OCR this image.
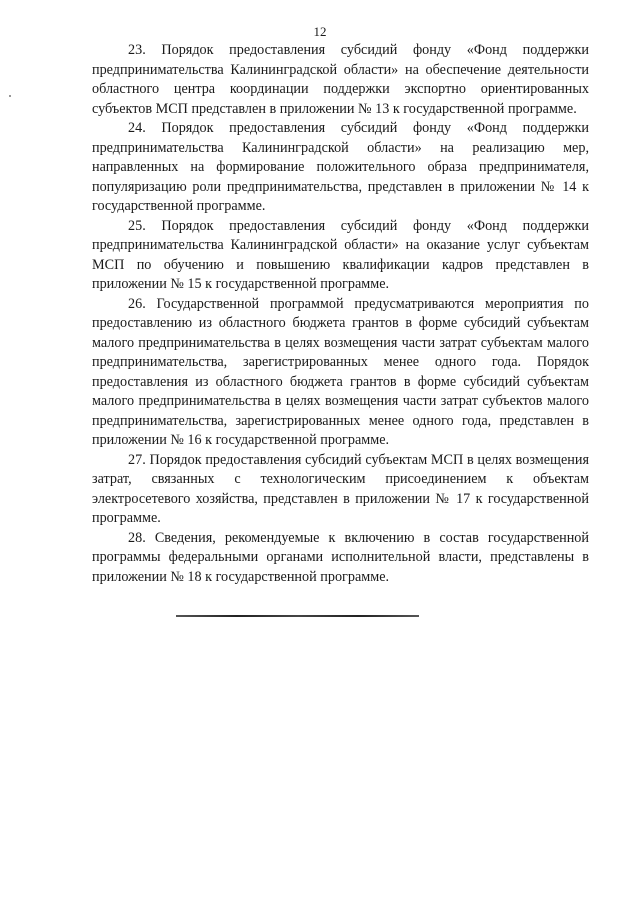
12

23. Порядок предоставления субсидий фонду «Фонд поддержки предпринимательства Калининградской области» на обеспечение деятельности областного центра координации поддержки экспортно ориентированных субъектов МСП представлен в приложении № 13 к государственной программе.

24. Порядок предоставления субсидий фонду «Фонд поддержки предпринимательства Калининградской области» на реализацию мер, направленных на формирование положительного образа предпринимателя, популяризацию роли предпринимательства, представлен в приложении № 14 к государственной программе.

25. Порядок предоставления субсидий фонду «Фонд поддержки предпринимательства Калининградской области» на оказание услуг субъектам МСП по обучению и повышению квалификации кадров представлен в приложении № 15 к государственной программе.

26. Государственной программой предусматриваются мероприятия по предоставлению из областного бюджета грантов в форме субсидий субъектам малого предпринимательства в целях возмещения части затрат субъектам малого предпринимательства, зарегистрированных менее одного года. Порядок предоставления из областного бюджета грантов в форме субсидий субъектам малого предпринимательства в целях возмещения части затрат субъектов малого предпринимательства, зарегистрированных менее одного года, представлен в приложении № 16 к государственной программе.

27. Порядок предоставления субсидий субъектам МСП в целях возмещения затрат, связанных с технологическим присоединением к объектам электросетевого хозяйства, представлен в приложении № 17 к государственной программе.

28. Сведения, рекомендуемые к включению в состав государственной программы федеральными органами исполнительной власти, представлены в приложении № 18 к государственной программе.
